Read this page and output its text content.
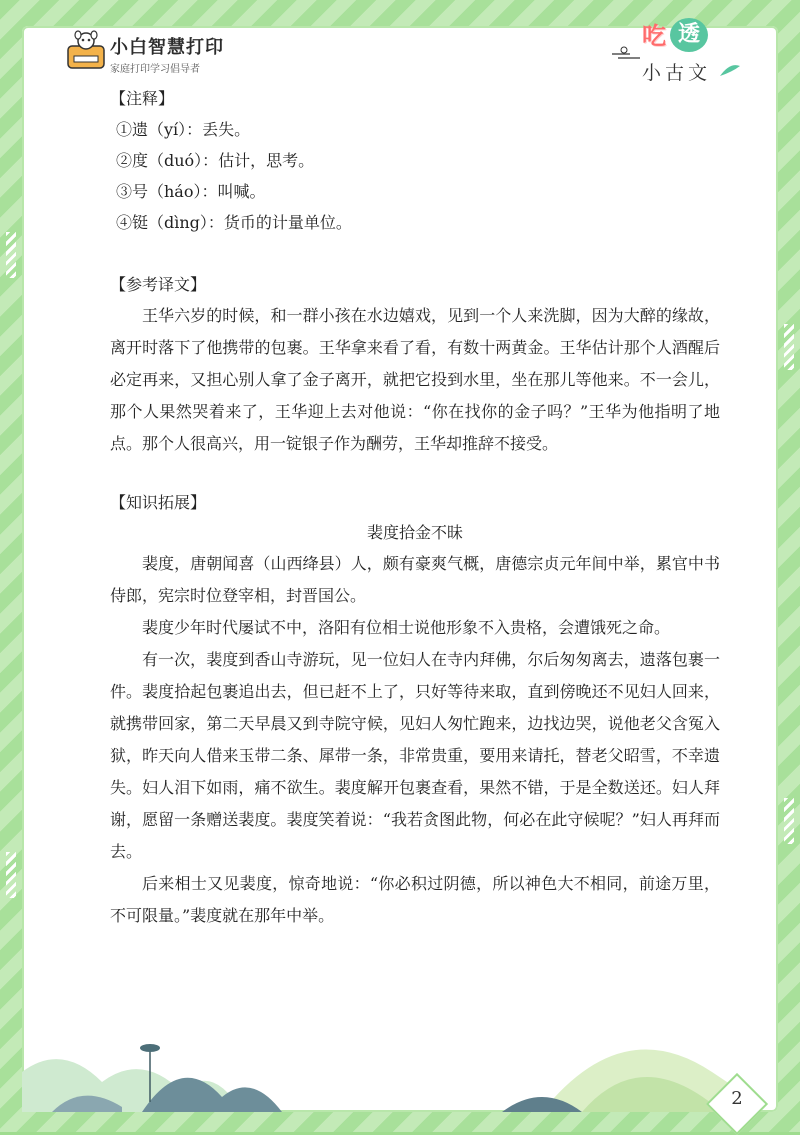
小白智慧打印
家庭打印学习倡导者
吃 透
小古文

【注释】

①遗（yí）：丢失。

②度（duó）：估计，思考。

③号（háo）：叫喊。

④铤（dìng）：货币的计量单位。

【参考译文】

王华六岁的时候，和一群小孩在水边嬉戏，见到一个人来洗脚，因为大醉的缘故，离开时落下了他携带的包裹。王华拿来看了看，有数十两黄金。王华估计那个人酒醒后必定再来，又担心别人拿了金子离开，就把它投到水里，坐在那儿等他来。不一会儿，那个人果然哭着来了，王华迎上去对他说：“你在找你的金子吗？”王华为他指明了地点。那个人很高兴，用一锭银子作为酬劳，王华却推辞不接受。

【知识拓展】

裴度拾金不昧

裴度，唐朝闻喜（山西绛县）人，颇有豪爽气概，唐德宗贞元年间中举，累官中书侍郎，宪宗时位登宰相，封晋国公。

裴度少年时代屡试不中，洛阳有位相士说他形象不入贵格，会遭饿死之命。

有一次，裴度到香山寺游玩，见一位妇人在寺内拜佛，尔后匆匆离去，遗落包裹一件。裴度拾起包裹追出去，但已赶不上了，只好等待来取，直到傍晚还不见妇人回来，就携带回家，第二天早晨又到寺院守候，见妇人匆忙跑来，边找边哭，说他老父含冤入狱，昨天向人借来玉带二条、犀带一条，非常贵重，要用来请托，替老父昭雪，不幸遗失。妇人泪下如雨，痛不欲生。裴度解开包裹查看，果然不错，于是全数送还。妇人拜谢，愿留一条赠送裴度。裴度笑着说：“我若贪图此物，何必在此守候呢？”妇人再拜而去。

后来相士又见裴度，惊奇地说：“你必积过阴德，所以神色大不相同，前途万里，不可限量。”裴度就在那年中举。

2
